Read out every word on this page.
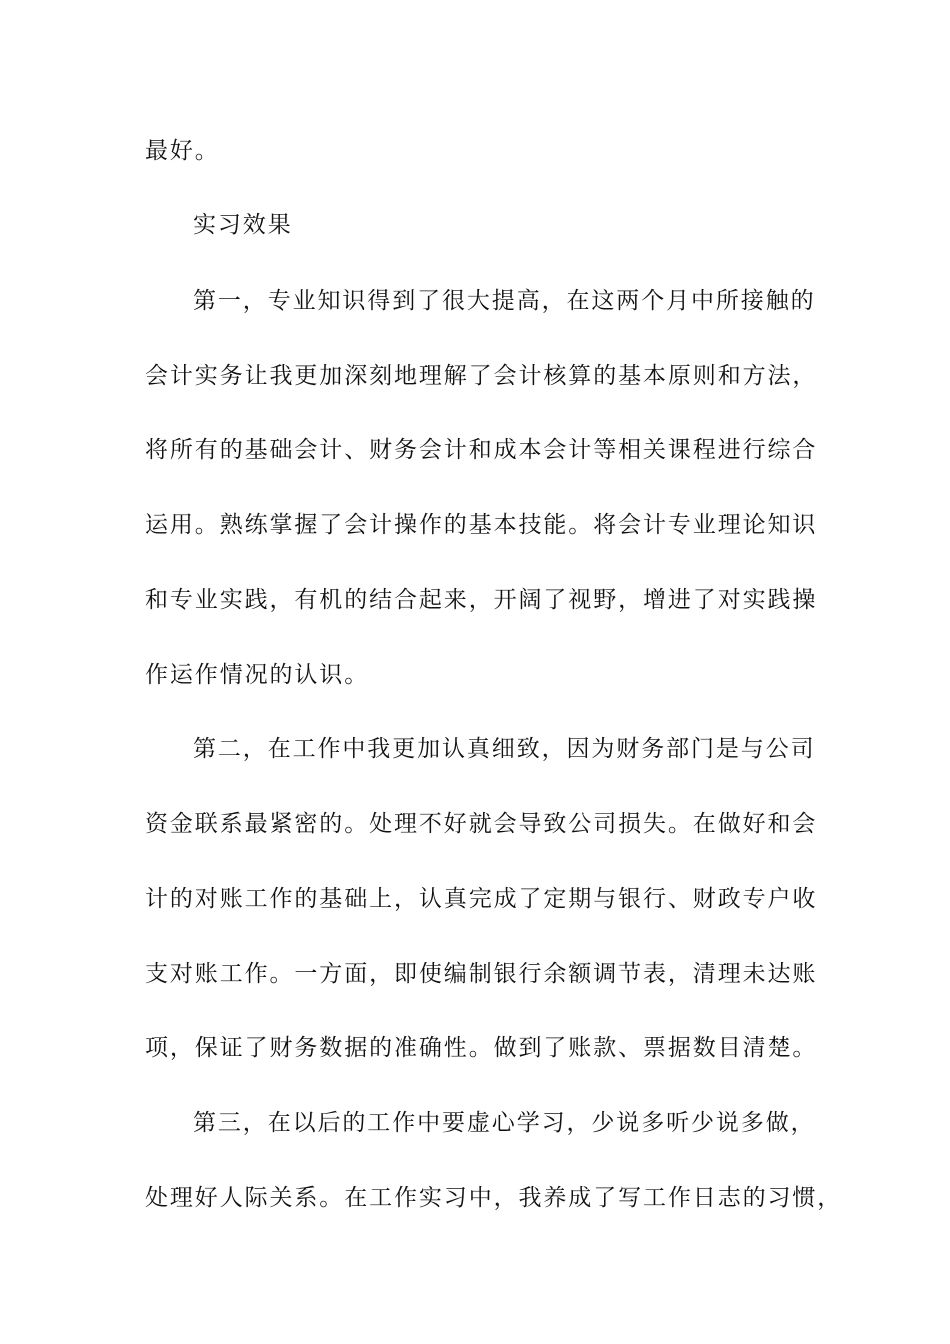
最好。
实习效果
第一，专业知识得到了很大提高，在这两个月中所接触的
会计实务让我更加深刻地理解了会计核算的基本原则和方法，
将所有的基础会计、财务会计和成本会计等相关课程进行综合
运用。熟练掌握了会计操作的基本技能。将会计专业理论知识
和专业实践，有机的结合起来，开阔了视野，增进了对实践操
作运作情况的认识。
第二，在工作中我更加认真细致，因为财务部门是与公司
资金联系最紧密的。处理不好就会导致公司损失。在做好和会
计的对账工作的基础上，认真完成了定期与银行、财政专户收
支对账工作。一方面，即使编制银行余额调节表，清理未达账
项，保证了财务数据的准确性。做到了账款、票据数目清楚。
第三，在以后的工作中要虚心学习，少说多听少说多做，
处理好人际关系。在工作实习中，我养成了写工作日志的习惯，
